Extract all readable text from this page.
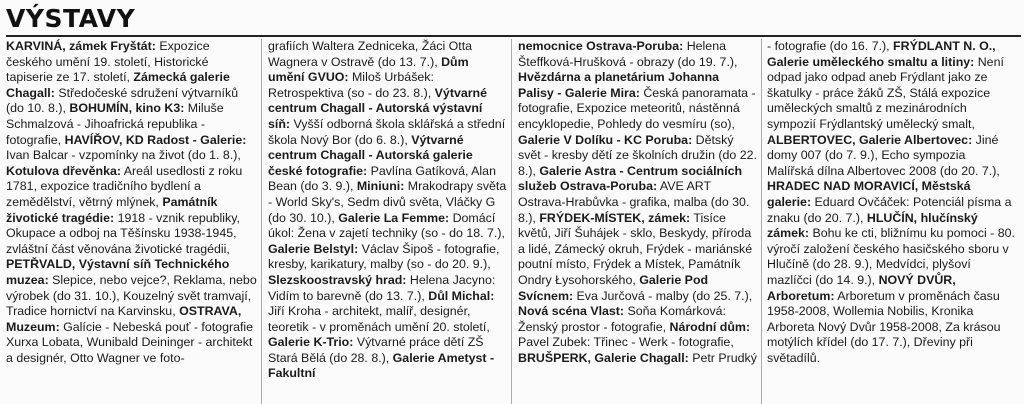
VÝSTAVY
KARVINÁ, zámek Fryštát: Expozice českého umění 19. století, Historické tapiserie ze 17. století, Zámecká galerie Chagall: Středočeské sdružení výtvarníků (do 10. 8.), BOHUMÍN, kino K3: Miluše Schmalzová - Jihoafrická republika - fotografie, HAVÍŘOV, KD Radost - Galerie: Ivan Balcar - vzpomínky na život (do 1. 8.), Kotulova dřevěnka: Areál usedlosti z roku 1781, expozice tradičního bydlení a zemědělství, větrný mlýnek, Památník životické tragédie: 1918 - vznik republiky, Okupace a odboj na Těšínsku 1938-1945, zvláštní část věnována životické tragédii, PETŘVALD, Výstavní síň Technického muzea: Slepice, nebo vejce?, Reklama, nebo výrobek (do 31. 10.), Kouzelný svět tramvají, Tradice hornictví na Karvinsku, OSTRAVA, Muzeum: Galície - Nebeská pouť - fotografie Xurxa Lobata, Wunibald Deininger - architekt a designér, Otto Wagner ve foto-
grafiích Waltera Zedniceka, Žáci Otta Wagnera v Ostravě (do 13. 7.), Dům umění GVUO: Miloš Urbášek: Retrospektiva (so - do 23. 8.), Výtvarné centrum Chagall - Autorská výstavní síň: Vyšší odborná škola sklářská a střední škola Nový Bor (do 6. 8.), Výtvarné centrum Chagall - Autorská galerie české fotografie: Pavlína Gatíková, Alan Bean (do 3. 9.), Miniuni: Mrakodrapy světa - World Sky's, Sedm divů světa, Vláčky G (do 30. 10.), Galerie La Femme: Domácí úkol: Žena v zajetí techniky (so - do 18. 7.), Galerie Belstyl: Václav Šipoš - fotografie, kresby, karikatury, malby (so - do 20. 9.), Slezskoostravský hrad: Helena Jacyno: Vidím to barevně (do 13. 7.), Důl Michal: Jiří Kroha - architekt, malíř, designér, teoretik - v proměnách umění 20. století, Galerie K-Trio: Výtvarné práce dětí ZŠ Stará Bělá (do 28. 8.), Galerie Ametyst - Fakultní
nemocnice Ostrava-Poruba: Helena Šteffková-Hrušková - obrazy (do 19. 7.), Hvězdárna a planetárium Johanna Palisy - Galerie Mira: Česká panoramata - fotografie, Expozice meteoritů, nástěnná encyklopedie, Pohledy do vesmíru (so), Galerie V Dolíku - KC Poruba: Dětský svět - kresby dětí ze školních družin (do 22. 8.), Galerie Astra - Centrum sociálních služeb Ostrava-Poruba: AVE ART Ostrava-Hrabůvka - grafika, malba (do 30. 8.), FRÝDEK-MÍSTEK, zámek: Tisíce květů, Jiří Šuhájek - sklo, Beskydy, příroda a lidé, Zámecký okruh, Frýdek - mariánské poutní místo, Frýdek a Místek, Památník Ondry Łysohorského, Galerie Pod Svícnem: Eva Jurčová - malby (do 25. 7.), Nová scéna Vlast: Soňa Komárková: Ženský prostor - fotografie, Národní dům: Pavel Zubek: Třinec - Werk - fotografie, BRUŠPERK, Galerie Chagall: Petr Prudký
- fotografie (do 16. 7.), FRÝDLANT N. O., Galerie uměleckého smaltu a litiny: Není odpad jako odpad aneb Frýdlant jako ze škatulky - práce žáků ZŠ, Stálá expozice uměleckých smaltů z mezinárodních sympozií Frýdlantský umělecký smalt, ALBERTOVEC, Galerie Albertovec: Jiné domy 007 (do 7. 9.), Echo sympozia Malířská dílna Albertovec 2008 (do 20. 7.), HRADEC NAD MORAVICÍ, Městská galerie: Eduard Ovčáček: Potenciál písma a znaku (do 20. 7.), HLUČÍN, hlučínský zámek: Bohu ke cti, bližnímu ku pomoci - 80. výročí založení českého hasičského sboru v Hlučíně (do 28. 9.), Medvídci, plyšoví mazlíčci (do 14. 9.), NOVÝ DVŮR, Arboretum: Arboretum v proměnách času 1958-2008, Wollemia Nobilis, Kronika Arboreta Nový Dvůr 1958-2008, Za krásou motýlích křídel (do 17. 7.), Dřeviny při světadílů.
